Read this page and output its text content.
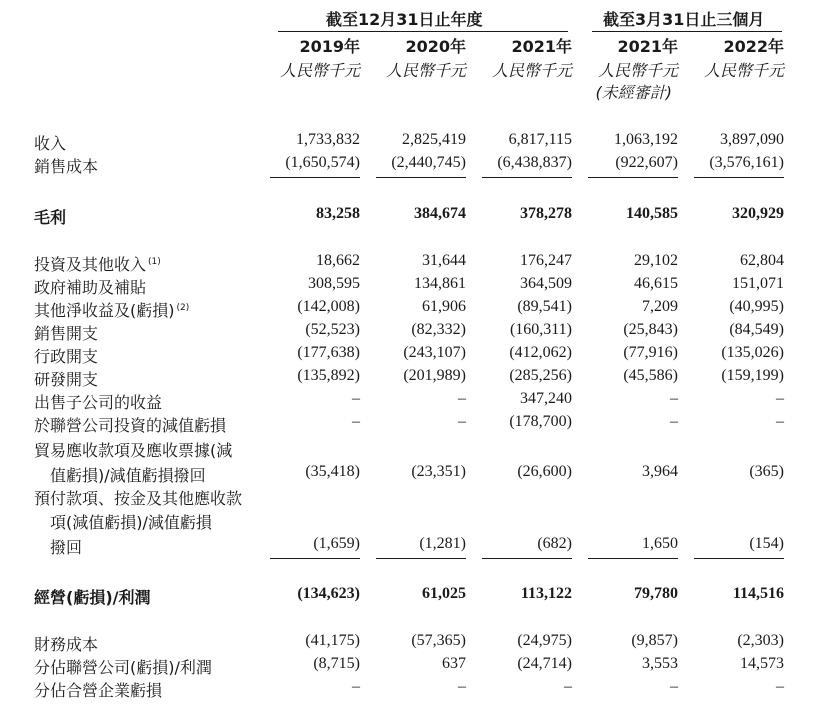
截至12月31日止年度	截至3月31日止三個月
2019年	2020年	2021年	2021年	2022年
人民幣千元	人民幣千元	人民幣千元	人民幣千元	人民幣千元
(未經審計)
收入	1,733,832	2,825,419	6,817,115	1,063,192	3,897,090
銷售成本	(1,650,574)	(2,440,745)	(6,438,837)	(922,607)	(3,576,161)
毛利	83,258	384,674	378,278	140,585	320,929
投資及其他收入 $^{(1)}$	18,662	31,644	176,247	29,102	62,804
政府補助及補貼	308,595	134,861	364,509	46,615	151,071
其他淨收益及(虧損) $^{(2)}$	(142,008)	61,906	(89,541)	7,209	(40,995)
銷售開支	(52,523)	(82,332)	(160,311)	(25,843)	(84,549)
行政開支	(177,638)	(243,107)	(412,062)	(77,916)	(135,026)
研發開支	(135,892)	(201,989)	(285,256)	(45,586)	(159,199)
出售子公司的收益	–	–	347,240	–	–
於聯營公司投資的減值虧損	–	–	(178,700)	–	–
貿易應收款項及應收票據(減
　值虧損)/減值虧損撥回	(35,418)	(23,351)	(26,600)	3,964	(365)
預付款項、按金及其他應收款
　項(減值虧損)/減值虧損
　撥回	(1,659)	(1,281)	(682)	1,650	(154)
經營(虧損)/利潤	(134,623)	61,025	113,122	79,780	114,516
財務成本	(41,175)	(57,365)	(24,975)	(9,857)	(2,303)
分佔聯營公司(虧損)/利潤	(8,715)	637	(24,714)	3,553	14,573
分佔合營企業虧損	–	–	–	–	–
